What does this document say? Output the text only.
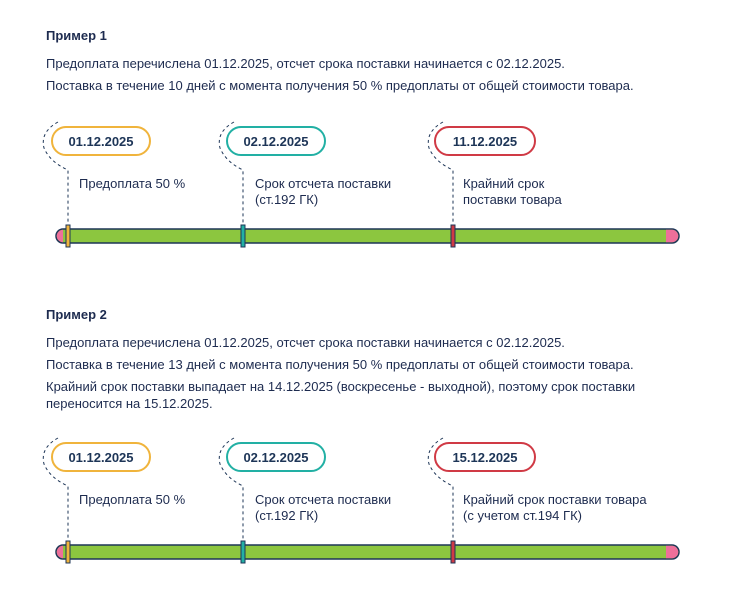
Пример 1
Предоплата перечислена 01.12.2025, отсчет срока поставки начинается с 02.12.2025.
Поставка в течение 10 дней с момента получения 50 % предоплаты от общей стоимости товара.
01.12.2025	02.12.2025	11.12.2025
Предоплата 50 %	Срок отсчета поставки
(ст.192 ГК)
Крайний срок
поставки товара
Пример 2
Предоплата перечислена 01.12.2025, отсчет срока поставки начинается с 02.12.2025.
Поставка в течение 13 дней с момента получения 50 % предоплаты от общей стоимости товара.
Крайний срок поставки выпадает на 14.12.2025 (воскресенье - выходной), поэтому срок поставки переносится на 15.12.2025.
01.12.2025	02.12.2025	15.12.2025
Предоплата 50 %	Срок отсчета поставки
(ст.192 ГК)
Крайний срок поставки товара
(с учетом ст.194 ГК)
